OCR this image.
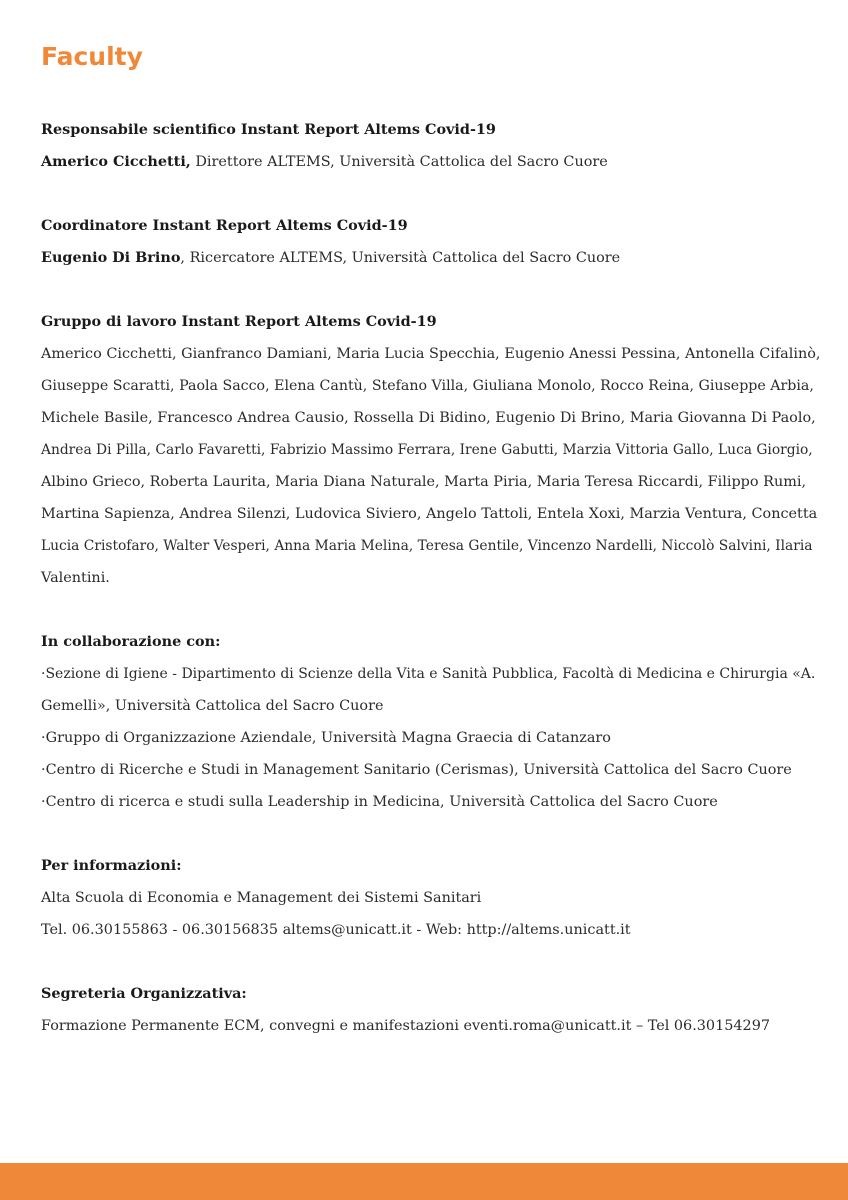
Faculty

Responsabile scientifico Instant Report Altems Covid-19

Americo Cicchetti, Direttore ALTEMS, Università Cattolica del Sacro Cuore

Coordinatore Instant Report Altems Covid-19

Eugenio Di Brino, Ricercatore ALTEMS, Università Cattolica del Sacro Cuore

Gruppo di lavoro Instant Report Altems Covid-19

Americo Cicchetti, Gianfranco Damiani, Maria Lucia Specchia, Eugenio Anessi Pessina, Antonella Cifalinò,

Giuseppe Scaratti, Paola Sacco, Elena Cantù, Stefano Villa, Giuliana Monolo, Rocco Reina, Giuseppe Arbia,

Michele Basile, Francesco Andrea Causio, Rossella Di Bidino, Eugenio Di Brino, Maria Giovanna Di Paolo,

Andrea Di Pilla, Carlo Favaretti, Fabrizio Massimo Ferrara, Irene Gabutti, Marzia Vittoria Gallo, Luca Giorgio,

Albino Grieco, Roberta Laurita, Maria Diana Naturale, Marta Piria, Maria Teresa Riccardi, Filippo Rumi,

Martina Sapienza, Andrea Silenzi, Ludovica Siviero, Angelo Tattoli, Entela Xoxi, Marzia Ventura, Concetta

Lucia Cristofaro, Walter Vesperi, Anna Maria Melina, Teresa Gentile, Vincenzo Nardelli, Niccolò Salvini, Ilaria

Valentini.

In collaborazione con:

·Sezione di Igiene - Dipartimento di Scienze della Vita e Sanità Pubblica, Facoltà di Medicina e Chirurgia «A.

Gemelli», Università Cattolica del Sacro Cuore

·Gruppo di Organizzazione Aziendale, Università Magna Graecia di Catanzaro

·Centro di Ricerche e Studi in Management Sanitario (Cerismas), Università Cattolica del Sacro Cuore

·Centro di ricerca e studi sulla Leadership in Medicina, Università Cattolica del Sacro Cuore

Per informazioni:

Alta Scuola di Economia e Management dei Sistemi Sanitari

Tel. 06.30155863 - 06.30156835 altems@unicatt.it - Web: http://altems.unicatt.it

Segreteria Organizzativa:

Formazione Permanente ECM, convegni e manifestazioni eventi.roma@unicatt.it – Tel 06.30154297
